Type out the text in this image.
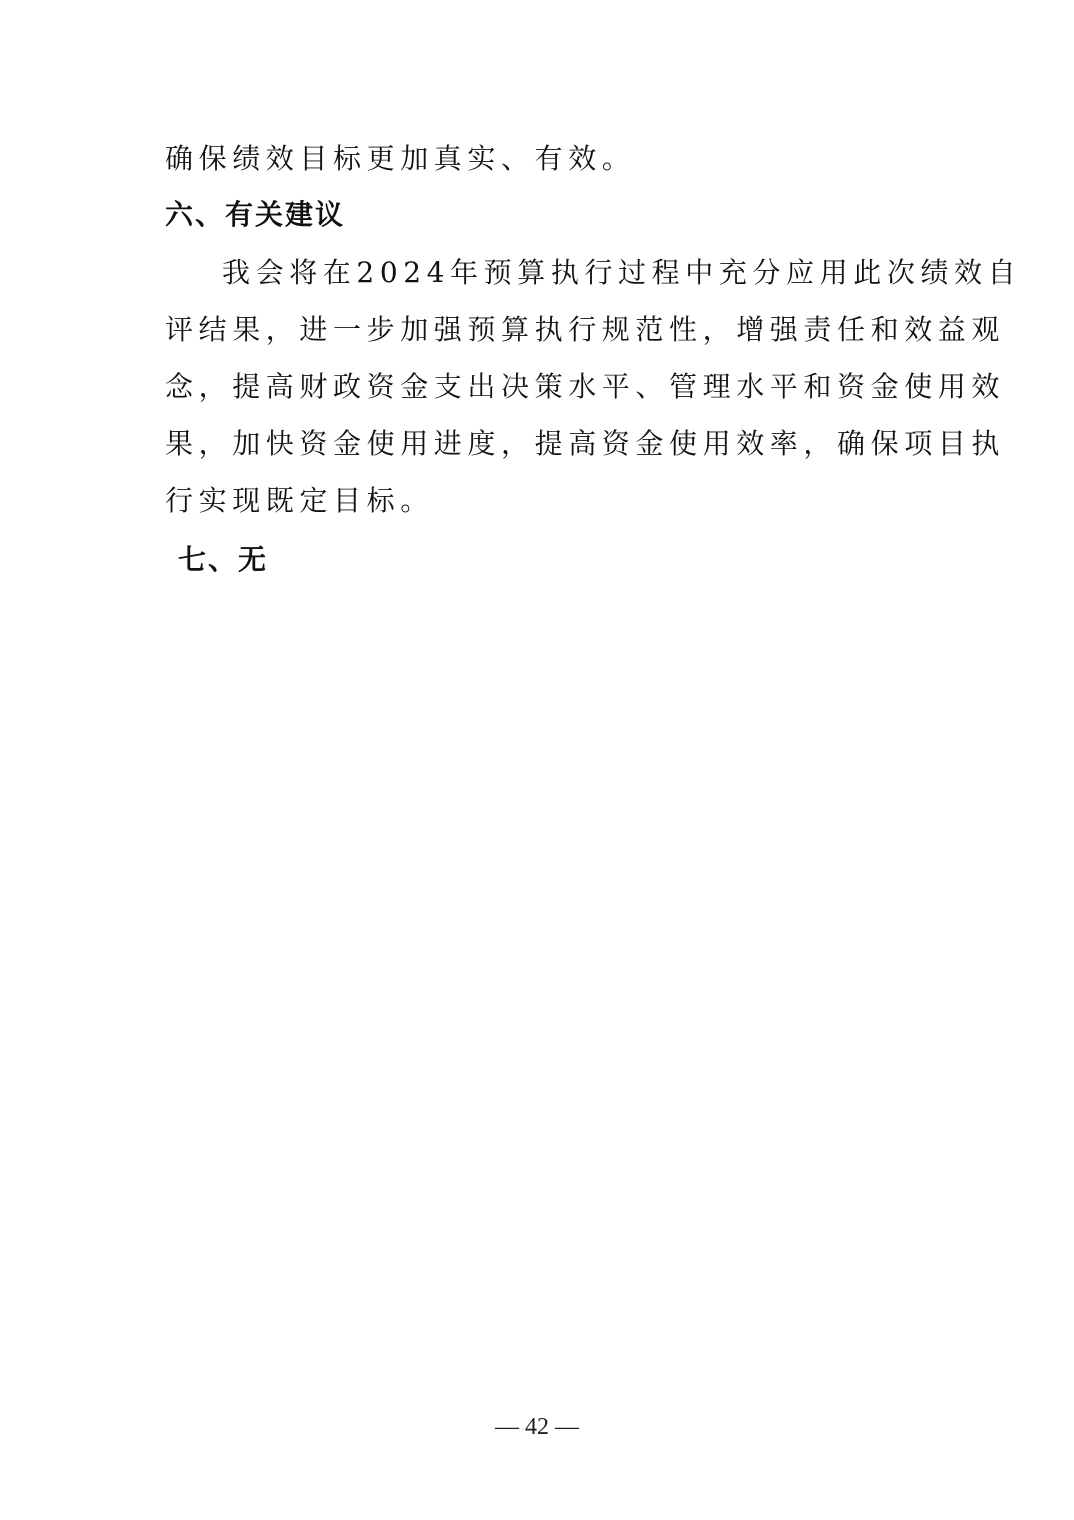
确保绩效目标更加真实、有效。
六、有关建议
我会将在2024年预算执行过程中充分应用此次绩效自
评结果，进一步加强预算执行规范性，增强责任和效益观
念，提高财政资金支出决策水平、管理水平和资金使用效
果，加快资金使用进度，提高资金使用效率，确保项目执
行实现既定目标。
七、无
— 42 —
